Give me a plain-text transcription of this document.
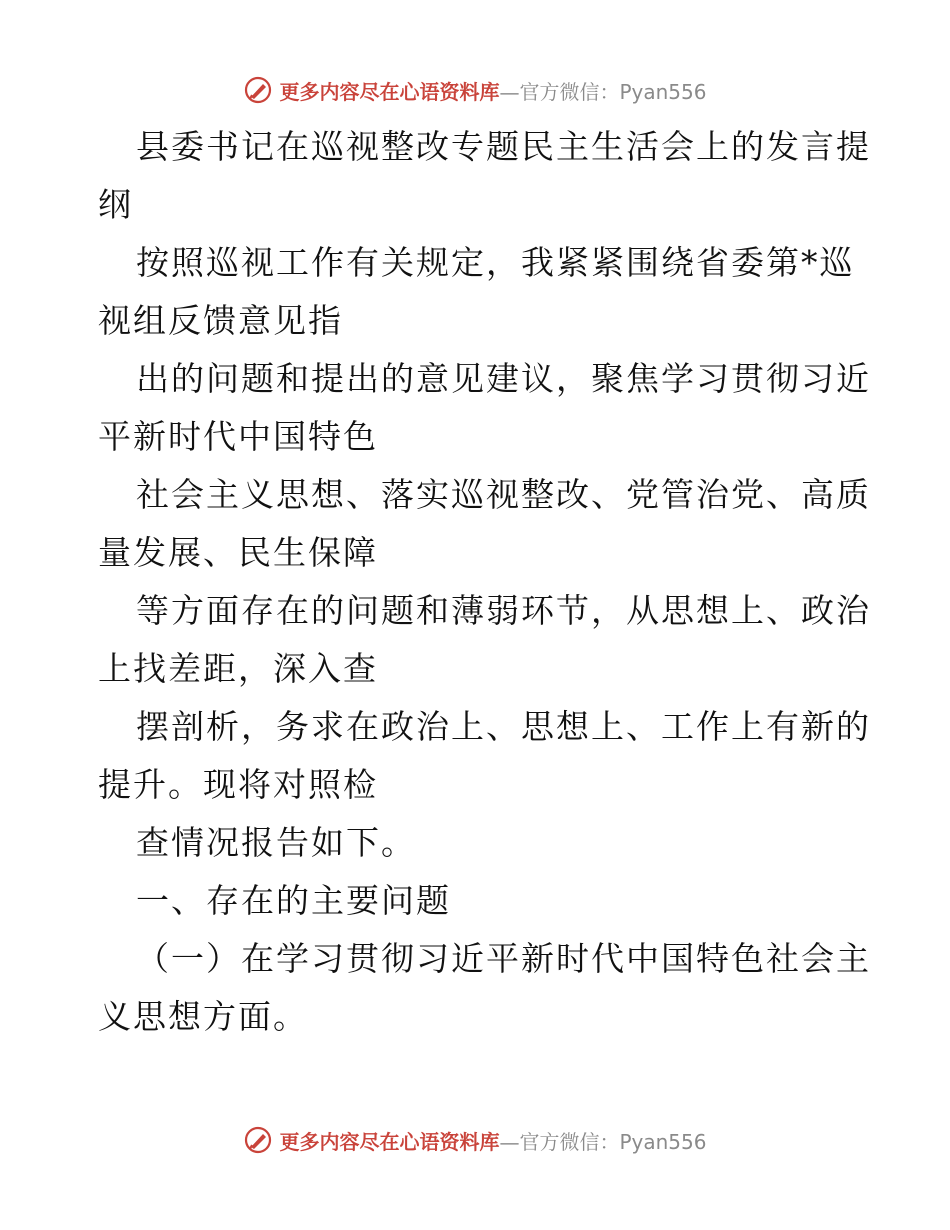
更多内容尽在心语资料库—官方微信：Pyan556
县委书记在巡视整改专题民主生活会上的发言提
纲
按照巡视工作有关规定，我紧紧围绕省委第*巡
视组反馈意见指
出的问题和提出的意见建议，聚焦学习贯彻习近
平新时代中国特色
社会主义思想、落实巡视整改、党管治党、高质
量发展、民生保障
等方面存在的问题和薄弱环节，从思想上、政治
上找差距，深入查
摆剖析，务求在政治上、思想上、工作上有新的
提升。现将对照检
查情况报告如下。
一、存在的主要问题
（一）在学习贯彻习近平新时代中国特色社会主
义思想方面。
更多内容尽在心语资料库—官方微信：Pyan556
